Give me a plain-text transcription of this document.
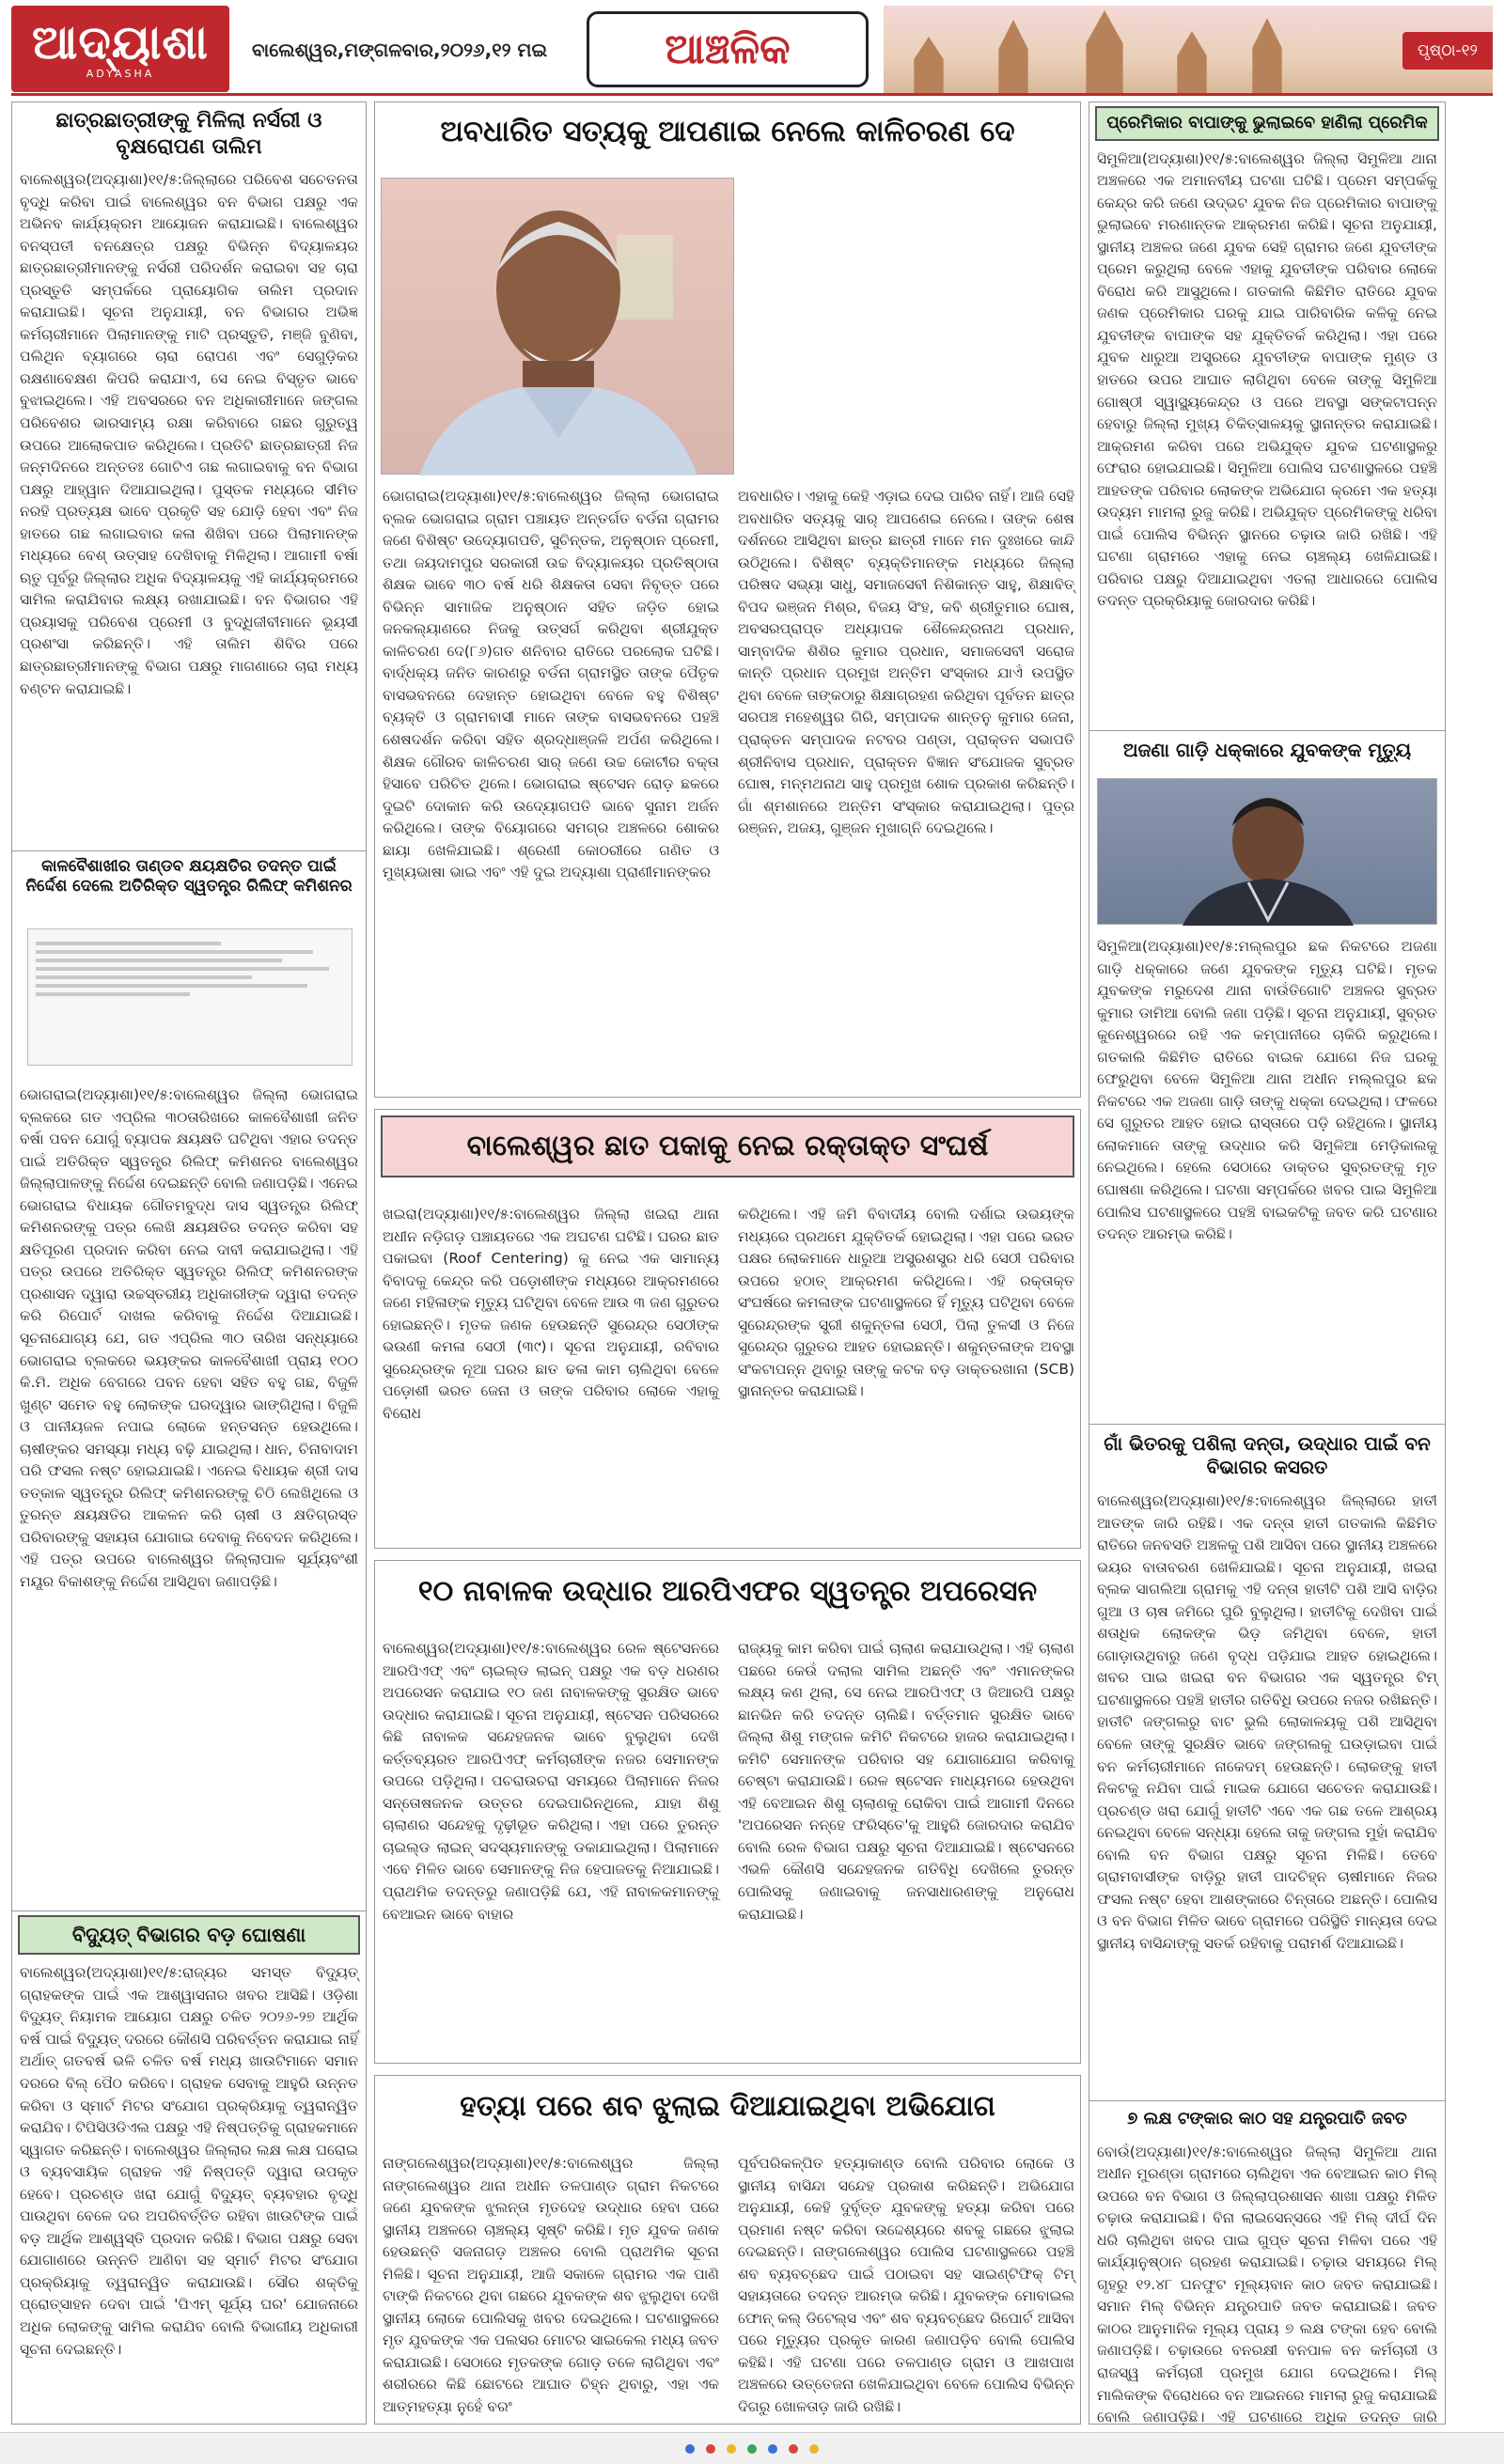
ଆଦ୍ୟାଶା
ADYASHA
ବାଲେଶ୍ୱର,ମଙ୍ଗଳବାର,୨୦୨୬,୧୨ ମଇ	ଆଞ୍ଚଳିକ	ପୃଷ୍ଠା-୧୨
ଛାତ୍ରଛାତ୍ରୀଙ୍କୁ ମିଳିଲା ନର୍ସରୀ ଓ ବୃକ୍ଷରୋପଣ ତାଲିମ
ବାଲେଶ୍ୱର(ଅଦ୍ୟାଶା)୧୧/୫:ଜିଲ୍ଲାରେ ପରିବେଶ ସଚେତନତା ବୃଦ୍ଧି କରିବା ପାଇଁ ବାଲେଶ୍ୱର ବନ ବିଭାଗ ପକ୍ଷରୁ ଏକ ଅଭିନବ କାର୍ଯ୍ୟକ୍ରମ ଆୟୋଜନ କରାଯାଇଛି। ବାଲେଶ୍ୱର ବନସ୍ପତୀ ବନକ୍ଷେତ୍ର ପକ୍ଷରୁ ବିଭିନ୍ନ ବିଦ୍ୟାଳୟର ଛାତ୍ରଛାତ୍ରୀମାନଙ୍କୁ ନର୍ସରୀ ପରିଦର୍ଶନ କରାଇବା ସହ ଚାରା ପ୍ରସ୍ତୁତି ସମ୍ପର୍କରେ ପ୍ରାୟୋଗିକ ତାଲିମ ପ୍ରଦାନ କରାଯାଇଛି। ସୂଚନା ଅନୁଯାୟୀ, ବନ ବିଭାଗର ଅଭିଜ୍ଞ କର୍ମଚାରୀମାନେ ପିଲାମାନଙ୍କୁ ମାଟି ପ୍ରସ୍ତୁତି, ମଞ୍ଜି ବୁଣିବା, ପଲିଥିନ ବ୍ୟାଗରେ ଚାରା ରୋପଣ ଏବଂ ସେଗୁଡ଼ିକର ରକ୍ଷଣାବେକ୍ଷଣ କିପରି କରାଯାଏ, ସେ ନେଇ ବିସ୍ତୃତ ଭାବେ ବୁଝାଇଥିଲେ। ଏହି ଅବସରରେ ବନ ଅଧିକାରୀମାନେ ଜଙ୍ଗଲ ପରିବେଶର ଭାରସାମ୍ୟ ରକ୍ଷା କରିବାରେ ଗଛର ଗୁରୁତ୍ୱ ଉପରେ ଆଲୋକପାତ କରିଥିଲେ। ପ୍ରତିଟି ଛାତ୍ରଛାତ୍ରୀ ନିଜ ଜନ୍ମଦିନରେ ଅନ୍ତତଃ ଗୋଟିଏ ଗଛ ଲଗାଇବାକୁ ବନ ବିଭାଗ ପକ୍ଷରୁ ଆହ୍ୱାନ ଦିଆଯାଇଥିଲା। ପୁସ୍ତକ ମଧ୍ୟରେ ସୀମିତ ନରହି ପ୍ରତ୍ୟକ୍ଷ ଭାବେ ପ୍ରକୃତି ସହ ଯୋଡ଼ି ହେବା ଏବଂ ନିଜ ହାତରେ ଗଛ ଲଗାଇବାର କଳା ଶିଖିବା ପରେ ପିଲାମାନଙ୍କ ମଧ୍ୟରେ ବେଶ୍ ଉତ୍ସାହ ଦେଖିବାକୁ ମିଳିଥିଲା। ଆଗାମୀ ବର୍ଷା ଋତୁ ପୂର୍ବରୁ ଜିଲ୍ଲାର ଅଧିକ ବିଦ୍ୟାଳୟକୁ ଏହି କାର୍ଯ୍ୟକ୍ରମରେ ସାମିଲ କରାଯିବାର ଲକ୍ଷ୍ୟ ରଖାଯାଇଛି। ବନ ବିଭାଗର ଏହି ପ୍ରୟାସକୁ ପରିବେଶ ପ୍ରେମୀ ଓ ବୁଦ୍ଧିଜୀବୀମାନେ ଭୂୟସୀ ପ୍ରଶଂସା କରିଛନ୍ତି। ଏହି ତାଲିମ ଶିବିର ପରେ ଛାତ୍ରଛାତ୍ରୀମାନଙ୍କୁ ବିଭାଗ ପକ୍ଷରୁ ମାଗଣାରେ ଚାରା ମଧ୍ୟ ବଣ୍ଟନ କରାଯାଇଛି।
କାଳବୈଶାଖୀର ତାଣ୍ଡବ କ୍ଷୟକ୍ଷତିର ତଦନ୍ତ ପାଇଁ ନିର୍ଦ୍ଦେଶ ଦେଲେ ଅତିରିକ୍ତ ସ୍ୱତନ୍ତ୍ର ରିଲିଫ୍ କମିଶନର
ଭୋଗରାଇ(ଅଦ୍ୟାଶା)୧୧/୫:ବାଲେଶ୍ୱର ଜିଲ୍ଲା ଭୋଗରାଇ ବ୍ଲକରେ ଗତ ଏପ୍ରିଲ ୩୦ତାରିଖରେ କାଳବୈଶାଖୀ ଜନିତ ବର୍ଷା ପବନ ଯୋଗୁଁ ବ୍ୟାପକ କ୍ଷୟକ୍ଷତି ଘଟିଥିବା ଏହାର ତଦନ୍ତ ପାଇଁ ଅତିରିକ୍ତ ସ୍ୱତନ୍ତ୍ର ରିଲିଫ୍ କମିଶନର ବାଲେଶ୍ୱର ଜିଲ୍ଲାପାଳଙ୍କୁ ନିର୍ଦ୍ଦେଶ ଦେଇଛନ୍ତି ବୋଲି ଜଣାପଡ଼ିଛି। ଏନେଇ ଭୋଗରାଇ ବିଧାୟକ ଗୌତମବୁଦ୍ଧ ଦାସ ସ୍ୱତନ୍ତ୍ର ରିଲିଫ୍ କମିଶନରଙ୍କୁ ପତ୍ର ଲେଖି କ୍ଷୟକ୍ଷତିର ତଦନ୍ତ କରିବା ସହ କ୍ଷତିପୂରଣ ପ୍ରଦାନ କରିବା ନେଇ ଦାବୀ କରାଯାଇଥିଲା। ଏହି ପତ୍ର ଉପରେ ଅତିରିକ୍ତ ସ୍ୱତନ୍ତ୍ର ରିଲିଫ୍ କମିଶନରଙ୍କ ପ୍ରଶାସନ ଦ୍ୱାରା ଉଚ୍ଚସ୍ତରୀୟ ଅଧିକାରୀଙ୍କ ଦ୍ୱାରା ତଦନ୍ତ କରି ରିପୋର୍ଟ ଦାଖଲ କରିବାକୁ ନିର୍ଦ୍ଦେଶ ଦିଆଯାଇଛି। ସୂଚନାଯୋଗ୍ୟ ଯେ, ଗତ ଏପ୍ରିଲ ୩୦ ତାରିଖ ସନ୍ଧ୍ୟାରେ ଭୋଗରାଇ ବ୍ଲକରେ ଭୟଙ୍କର କାଳବୈଶାଖୀ ପ୍ରାୟ ୧୦୦ କି.ମି. ଅଧିକ ବେଗରେ ପବନ ହେବା ସହିତ ବହୁ ଗଛ, ବିଜୁଳି ଖୁଣ୍ଟ ସମେତ ବହୁ ଲୋକଙ୍କ ଘରଦ୍ୱାର ଭାଙ୍ଗିଥିଲା। ବିଜୁଳି ଓ ପାନୀୟଜଳ ନପାଇ ଲୋକେ ହନ୍ତସନ୍ତ ହେଉଥିଲେ। ଚାଷୀଙ୍କର ସମସ୍ୟା ମଧ୍ୟ ବଢ଼ି ଯାଇଥିଲା। ଧାନ, ଚିନାବାଦାମ ପରି ଫସଲ ନଷ୍ଟ ହୋଇଯାଇଛି। ଏନେଇ ବିଧାୟକ ଶ୍ରୀ ଦାସ ତତ୍କାଳ ସ୍ୱତନ୍ତ୍ର ରିଲିଫ୍ କମିଶନରଙ୍କୁ ଚିଠି ଲେଖିଥିଲେ ଓ ତୁରନ୍ତ କ୍ଷୟକ୍ଷତିର ଆକଳନ କରି ଚାଷୀ ଓ କ୍ଷତିଗ୍ରସ୍ତ ପରିବାରଙ୍କୁ ସହାୟତା ଯୋଗାଇ ଦେବାକୁ ନିବେଦନ କରିଥିଲେ। ଏହି ପତ୍ର ଉପରେ ବାଲେଶ୍ୱର ଜିଲ୍ଲାପାଳ ସୂର୍ଯ୍ୟବଂଶୀ ମୟୂର ବିକାଶଙ୍କୁ ନିର୍ଦ୍ଦେଶ ଆସିଥିବା ଜଣାପଡ଼ିଛି।
ବିଦ୍ୟୁତ୍ ବିଭାଗର ବଡ଼ ଘୋଷଣା
ବାଲେଶ୍ୱର(ଅଦ୍ୟାଶା)୧୧/୫:ରାଜ୍ୟର ସମସ୍ତ ବିଦ୍ୟୁତ୍ ଗ୍ରାହକଙ୍କ ପାଇଁ ଏକ ଆଶ୍ୱାସନାର ଖବର ଆସିଛି। ଓଡ଼ିଶା ବିଦ୍ୟୁତ୍ ନିୟାମକ ଆୟୋଗ ପକ୍ଷରୁ ଚଳିତ ୨୦୨୬-୨୭ ଆର୍ଥିକ ବର୍ଷ ପାଇଁ ବିଦ୍ୟୁତ୍ ଦରରେ କୌଣସି ପରିବର୍ତ୍ତନ କରାଯାଇ ନାହିଁ ଅର୍ଥାତ୍ ଗତବର୍ଷ ଭଳି ଚଳିତ ବର୍ଷ ମଧ୍ୟ ଖାଉଟିମାନେ ସମାନ ଦରରେ ବିଲ୍ ପୈଠ କରିବେ। ଗ୍ରାହକ ସେବାକୁ ଆହୁରି ଉନ୍ନତ କରିବା ଓ ସ୍ମାର୍ଟ ମିଟର ସଂଯୋଗ ପ୍ରକ୍ରିୟାକୁ ତ୍ୱରାନ୍ୱିତ କରାଯିବ। ଟିପିସିଓଡିଏଲ ପକ୍ଷରୁ ଏହି ନିଷ୍ପତ୍ତିକୁ ଗ୍ରାହକମାନେ ସ୍ୱାଗତ କରିଛନ୍ତି। ବାଲେଶ୍ୱର ଜିଲ୍ଲାର ଲକ୍ଷ ଲକ୍ଷ ଘରୋଇ ଓ ବ୍ୟବସାୟିକ ଗ୍ରାହକ ଏହି ନିଷ୍ପତ୍ତି ଦ୍ୱାରା ଉପକୃତ ହେବେ। ପ୍ରଚଣ୍ଡ ଖରା ଯୋଗୁଁ ବିଦ୍ୟୁତ୍ ବ୍ୟବହାର ବୃଦ୍ଧି ପାଉଥିବା ବେଳେ ଦର ଅପରିବର୍ତ୍ତିତ ରହିବା ଖାଉଟିଙ୍କ ପାଇଁ ବଡ଼ ଆର୍ଥିକ ଆଶ୍ୱସ୍ତି ପ୍ରଦାନ କରିଛି। ବିଭାଗ ପକ୍ଷରୁ ସେବା ଯୋଗାଣରେ ଉନ୍ନତି ଆଣିବା ସହ ସ୍ମାର୍ଟ ମିଟର ସଂଯୋଗ ପ୍ରକ୍ରିୟାକୁ ତ୍ୱରାନ୍ୱିତ କରାଯାଉଛି। ସୌର ଶକ୍ତିକୁ ପ୍ରୋତ୍ସାହନ ଦେବା ପାଇଁ 'ପିଏମ୍ ସୂର୍ଯ୍ୟ ଘର' ଯୋଜନାରେ ଅଧିକ ଲୋକଙ୍କୁ ସାମିଲ କରାଯିବ ବୋଲି ବିଭାଗୀୟ ଅଧିକାରୀ ସୂଚନା ଦେଇଛନ୍ତି।
ଅବଧାରିତ ସତ୍ୟକୁ ଆପଣାଇ ନେଲେ କାଳିଚରଣ ଦେ
ଭୋଗରାଇ(ଅଦ୍ୟାଶା)୧୧/୫:ବାଲେଶ୍ୱର ଜିଲ୍ଲା ଭୋଗରାଇ ବ୍ଲକ ଭୋଗରାଇ ଗ୍ରାମ ପଞ୍ଚାୟତ ଅନ୍ତର୍ଗତ ବର୍ଡନା ଗ୍ରାମର ଜଣେ ବିଶିଷ୍ଟ ଉଦ୍ୟୋଗପତି, ସୁଚିନ୍ତକ, ଅନୁଷ୍ଠାନ ପ୍ରେମୀ, ତଥା ଜୟଦାମପୁର ସରକାରୀ ଉଚ୍ଚ ବିଦ୍ୟାଳୟର ପ୍ରତିଷ୍ଠାତା ଶିକ୍ଷକ ଭାବେ ୩୦ ବର୍ଷ ଧରି ଶିକ୍ଷକତା ସେବା ନିବୃତ୍ତ ପରେ ବିଭିନ୍ନ ସାମାଜିକ ଅନୁଷ୍ଠାନ ସହିତ ଜଡ଼ିତ ହୋଇ ଜନକଲ୍ୟାଣରେ ନିଜକୁ ଉତ୍ସର୍ଗ କରିଥିବା ଶ୍ରୀଯୁକ୍ତ କାଳିଚରଣ ଦେ(୮୬)ଗତ ଶନିବାର ରାତିରେ ପରଲୋକ ଘଟିଛି। ବାର୍ଦ୍ଧକ୍ୟ ଜନିତ କାରଣରୁ ବର୍ଡନା ଗ୍ରାମସ୍ଥିତ ତାଙ୍କ ପୈତୃକ ବାସଭବନରେ ଦେହାନ୍ତ ହୋଇଥିବା ବେଳେ ବହୁ ବିଶିଷ୍ଟ ବ୍ୟକ୍ତି ଓ ଗ୍ରାମବାସୀ ମାନେ ତାଙ୍କ ବାସଭବନରେ ପହଞ୍ଚି ଶେଷଦର୍ଶନ କରିବା ସହିତ ଶ୍ରଦ୍ଧାଞ୍ଜଳି ଅର୍ପଣ କରିଥିଲେ। ଶିକ୍ଷକ ଗୌରବ କାଳିଚରଣ ସାର୍ ଜଣେ ଉଚ୍ଚ କୋଟୀର ବକ୍ତା ହିସାବେ ପରିଚିତ ଥିଲେ। ଭୋଗରାଇ ଷ୍ଟେସନ ରୋଡ଼ ଛକରେ ଦୁଇଟି ଦୋକାନ କରି ଉଦ୍ୟୋଗପତି ଭାବେ ସୁନାମ ଅର୍ଜନ କରିଥିଲେ। ତାଙ୍କ ବିୟୋଗରେ ସମଗ୍ର ଅଞ୍ଚଳରେ ଶୋକର ଛାୟା ଖେଳିଯାଇଛି। ଶ୍ରେଣୀ କୋଠରୀରେ ଗଣିତ ଓ ମୁଖ୍ୟଭାଷା ଭାଇ ଏବଂ ଏହି ଦୁଇ ଅଦ୍ୟାଶା ପ୍ରାଣୀମାନଙ୍କର
ଅବଧାରିତ। ଏହାକୁ କେହି ଏଡ଼ାଇ ଦେଇ ପାରିବ ନାହିଁ। ଆଜି ସେହି ଅବଧାରିତ ସତ୍ୟକୁ ସାର୍ ଆପଣେଇ ନେଲେ। ତାଙ୍କ ଶେଷ ଦର୍ଶନରେ ଆସିଥିବା ଛାତ୍ର ଛାତ୍ରୀ ମାନେ ମନ ଦୁଃଖରେ କାନ୍ଦି ଉଠିଥିଲେ। ବିଶିଷ୍ଟ ବ୍ୟକ୍ତିମାନଙ୍କ ମଧ୍ୟରେ ଜିଲ୍ଲା ପରିଷଦ ସଭ୍ୟା ସାଧୁ, ସମାଜସେବୀ ନିଶିକାନ୍ତ ସାହୁ, ଶିକ୍ଷାବିତ୍ ବିପଦ ଭଞ୍ଜନ ମିଶ୍ର, ବିଜୟ ସିଂହ, କବି ଶ୍ରୀତୁମାର ଘୋଷ, ଅବସରପ୍ରାପ୍ତ ଅଧ୍ୟାପକ ଶୈଳେନ୍ଦ୍ରନାଥ ପ୍ରଧାନ, ସାମ୍ବାଦିକ ଶିଶିର କୁମାର ପ୍ରଧାନ, ସମାଜସେବୀ ସରୋଜ କାନ୍ତି ପ୍ରଧାନ ପ୍ରମୁଖ ଅନ୍ତିମ ସଂସ୍କାର ଯାଏଁ ଉପସ୍ଥିତ ଥିବା ବେଳେ ତାଙ୍କଠାରୁ ଶିକ୍ଷାଗ୍ରହଣ କରିଥିବା ପୂର୍ବତନ ଛାତ୍ର ସରପଞ୍ଚ ମହେଶ୍ୱର ଗିରି, ସମ୍ପାଦକ ଶାନ୍ତନୁ କୁମାର ଜେନା, ପ୍ରାକ୍ତନ ସମ୍ପାଦକ ନଟବର ପଣ୍ଡା, ପ୍ରାକ୍ତନ ସଭାପତି ଶ୍ରୀନିବାସ ପ୍ରଧାନ, ପ୍ରାକ୍ତନ ବିଜ୍ଞାନ ସଂଯୋଜକ ସୁବ୍ରତ ଘୋଷ, ମନ୍ମଥନାଥ ସାହୁ ପ୍ରମୁଖ ଶୋକ ପ୍ରକାଶ କରିଛନ୍ତି। ଗାଁ ଶ୍ମଶାନରେ ଅନ୍ତିମ ସଂସ୍କାର କରାଯାଇଥିଲା। ପୁତ୍ର ରଞ୍ଜନ, ଅଜୟ, ଗୁଞ୍ଜନ ମୁଖାଗ୍ନି ଦେଇଥିଲେ।
ବାଲେଶ୍ୱର ଛାତ ପକାକୁ ନେଇ ରକ୍ତାକ୍ତ ସଂଘର୍ଷ
ଖଇରା(ଅଦ୍ୟାଶା)୧୧/୫:ବାଲେଶ୍ୱର ଜିଲ୍ଲା ଖଇରା ଥାନା ଅଧୀନ ନଡ଼ିଗଡ଼ ପଞ୍ଚାୟତରେ ଏକ ଅଘଟଣ ଘଟିଛି। ଘରର ଛାତ ପକାଇବା (Roof Centering) କୁ ନେଇ ଏକ ସାମାନ୍ୟ ବିବାଦକୁ କେନ୍ଦ୍ର କରି ପଡ଼ୋଶୀଙ୍କ ମଧ୍ୟରେ ଆକ୍ରମଣରେ ଜଣେ ମହିଳାଙ୍କ ମୃତ୍ୟୁ ଘଟିଥିବା ବେଳେ ଆଉ ୩ ଜଣ ଗୁରୁତର ହୋଇଛନ୍ତି। ମୃତକ ଜଣକ ହେଉଛନ୍ତି ସୁରେନ୍ଦ୍ର ସେଠୀଙ୍କ ଭଉଣୀ କମଳା ସେଠୀ (୩୯)। ସୂଚନା ଅନୁଯାୟୀ, ରବିବାର ସୁରେନ୍ଦ୍ରଙ୍କ ନୂଆ ଘରର ଛାତ ଢଳା କାମ ଚାଲିଥିବା ବେଳେ ପଡ଼ୋଶୀ ଭରତ ଜେନା ଓ ତାଙ୍କ ପରିବାର ଲୋକେ ଏହାକୁ ବିରୋଧ
କରିଥିଲେ। ଏହି ଜମି ବିବାଦୀୟ ବୋଲି ଦର୍ଶାଇ ଉଭୟଙ୍କ ମଧ୍ୟରେ ପ୍ରଥମେ ଯୁକ୍ତିତର୍କ ହୋଇଥିଲା। ଏହା ପରେ ଭରତ ପକ୍ଷର ଲୋକମାନେ ଧାରୁଆ ଅସ୍ତ୍ରଶସ୍ତ୍ର ଧରି ସେଠୀ ପରିବାର ଉପରେ ହଠାତ୍ ଆକ୍ରମଣ କରିଥିଲେ। ଏହି ରକ୍ତାକ୍ତ ସଂଘର୍ଷରେ କମଳାଙ୍କ ଘଟଣାସ୍ଥଳରେ ହିଁ ମୃତ୍ୟୁ ଘଟିଥିବା ବେଳେ ସୁରେନ୍ଦ୍ରଙ୍କ ସ୍ତ୍ରୀ ଶକୁନ୍ତଳା ସେଠୀ, ପିଲା ତୁଳସୀ ଓ ନିଜେ ସୁରେନ୍ଦ୍ର ଗୁରୁତର ଆହତ ହୋଇଛନ୍ତି। ଶକୁନ୍ତଳାଙ୍କ ଅବସ୍ଥା ସଂକଟାପନ୍ନ ଥିବାରୁ ତାଙ୍କୁ କଟକ ବଡ଼ ଡାକ୍ତରଖାନା (SCB) ସ୍ଥାନାନ୍ତର କରାଯାଇଛି।
୧୦ ନାବାଳକ ଉଦ୍ଧାର ଆରପିଏଫର ସ୍ୱତନ୍ତ୍ର ଅପରେସନ
ବାଲେଶ୍ୱର(ଅଦ୍ୟାଶା)୧୧/୫:ବାଲେଶ୍ୱର ରେଳ ଷ୍ଟେସନରେ ଆରପିଏଫ୍ ଏବଂ ଚାଇଲ୍ଡ ଲାଇନ୍ ପକ୍ଷରୁ ଏକ ବଡ଼ ଧରଣର ଅପରେସନ କରାଯାଇ ୧୦ ଜଣ ନାବାଳକଙ୍କୁ ସୁରକ୍ଷିତ ଭାବେ ଉଦ୍ଧାର କରାଯାଇଛି। ସୂଚନା ଅନୁଯାୟୀ, ଷ୍ଟେସନ ପରିସରରେ କିଛି ନାବାଳକ ସନ୍ଦେହଜନକ ଭାବେ ବୁଲୁଥିବା ଦେଖି କର୍ତ୍ତବ୍ୟରତ ଆରପିଏଫ୍ କର୍ମଚାରୀଙ୍କ ନଜର ସେମାନଙ୍କ ଉପରେ ପଡ଼ିଥିଲା। ପଚରାଉଚରା ସମୟରେ ପିଲାମାନେ ନିଜର ସନ୍ତୋଷଜନକ ଉତ୍ତର ଦେଇପାରିନଥିଲେ, ଯାହା ଶିଶୁ ଚାଲାଣର ସନ୍ଦେହକୁ ଦୃଢ଼ୀଭୂତ କରିଥିଲା। ଏହା ପରେ ତୁରନ୍ତ ଚାଇଲ୍ଡ ଲାଇନ୍ ସଦସ୍ୟମାନଙ୍କୁ ଡକାଯାଇଥିଲା। ପିଲାମାନେ ଏବେ ମିଳିତ ଭାବେ ସେମାନଙ୍କୁ ନିଜ ହେପାଜତକୁ ନିଆଯାଇଛି। ପ୍ରାଥମିକ ତଦନ୍ତରୁ ଜଣାପଡ଼ିଛି ଯେ, ଏହି ନାବାଳକମାନଙ୍କୁ ବେଆଇନ ଭାବେ ବାହାର
ରାଜ୍ୟକୁ କାମ କରିବା ପାଇଁ ଚାଲାଣ କରାଯାଉଥିଲା। ଏହି ଚାଲାଣ ପଛରେ କେଉଁ ଦଲାଲ ସାମିଲ ଅଛନ୍ତି ଏବଂ ଏମାନଙ୍କର ଲକ୍ଷ୍ୟ କଣ ଥିଲା, ସେ ନେଇ ଆରପିଏଫ୍ ଓ ଜିଆରପି ପକ୍ଷରୁ ଛାନଭିନ କରି ତଦନ୍ତ ଚାଲିଛି। ବର୍ତ୍ତମାନ ସୁରକ୍ଷିତ ଭାବେ ଜିଲ୍ଲା ଶିଶୁ ମଙ୍ଗଳ କମିଟି ନିକଟରେ ହାଜର କରାଯାଇଥିଲା। କମିଟି ସେମାନଙ୍କ ପରିବାର ସହ ଯୋଗାଯୋଗ କରିବାକୁ ଚେଷ୍ଟା କରାଯାଉଛି। ରେଳ ଷ୍ଟେସନ ମାଧ୍ୟମରେ ହେଉଥିବା ଏହି ବେଆଇନ ଶିଶୁ ଚାଲାଣକୁ ରୋକିବା ପାଇଁ ଆଗାମୀ ଦିନରେ 'ଅପରେସନ ନନ୍ହେ ଫରିସ୍ତେ'କୁ ଆହୁରି ଜୋରଦାର କରାଯିବ ବୋଲି ରେଳ ବିଭାଗ ପକ୍ଷରୁ ସୂଚନା ଦିଆଯାଇଛି। ଷ୍ଟେସନରେ ଏଭଳି କୌଣସି ସନ୍ଦେହଜନକ ଗତିବିଧି ଦେଖିଲେ ତୁରନ୍ତ ପୋଲିସକୁ ଜଣାଇବାକୁ ଜନସାଧାରଣଙ୍କୁ ଅନୁରୋଧ କରାଯାଇଛି।
ହତ୍ୟା ପରେ ଶବ ଝୁଲାଇ ଦିଆଯାଇଥିବା ଅଭିଯୋଗ
ନାଙ୍ଗଲେଶ୍ୱର(ଅଦ୍ୟାଶା)୧୧/୫:ବାଲେଶ୍ୱର ଜିଲ୍ଲା ନାଙ୍ଗଲେଶ୍ୱର ଥାନା ଅଧୀନ ତଳପାଣ୍ଡ ଗ୍ରାମ ନିକଟରେ ଜଣେ ଯୁବକଙ୍କ ଝୁଲନ୍ତା ମୃତଦେହ ଉଦ୍ଧାର ହେବା ପରେ ସ୍ଥାନୀୟ ଅଞ୍ଚଳରେ ଚାଞ୍ଚଲ୍ୟ ସୃଷ୍ଟି କରିଛି। ମୃତ ଯୁବକ ଜଣକ ହେଉଛନ୍ତି ସଜନାଗଡ଼ ଅଞ୍ଚଳର ବୋଲି ପ୍ରାଥମିକ ସୂଚନା ମିଳିଛି। ସୂଚନା ଅନୁଯାୟୀ, ଆଜି ସକାଳେ ଗ୍ରାମର ଏକ ପାଣି ଟାଙ୍କି ନିକଟରେ ଥିବା ଗଛରେ ଯୁବକଙ୍କ ଶବ ଝୁଲୁଥିବା ଦେଖି ସ୍ଥାନୀୟ ଲୋକେ ପୋଲିସକୁ ଖବର ଦେଇଥିଲେ। ଘଟଣାସ୍ଥଳରେ ମୃତ ଯୁବକଙ୍କ ଏକ ପଲସର ମୋଟର ସାଇକେଲ ମଧ୍ୟ ଜବତ କରାଯାଇଛି। ସେଠାରେ ମୃତକଙ୍କ ଗୋଡ଼ ତଳେ ଲାଗିଥିବା ଏବଂ ଶରୀରରେ କିଛି ଛୋଟରେ ଆଘାତ ଚିହ୍ନ ଥିବାରୁ, ଏହା ଏକ ଆତ୍ମହତ୍ୟା ନୁହେଁ ବରଂ
ପୂର୍ବପରିକଳ୍ପିତ ହତ୍ୟାକାଣ୍ଡ ବୋଲି ପରିବାର ଲୋକେ ଓ ସ୍ଥାନୀୟ ବାସିନ୍ଦା ସନ୍ଦେହ ପ୍ରକାଶ କରିଛନ୍ତି। ଅଭିଯୋଗ ଅନୁଯାୟୀ, କେହି ଦୁର୍ବୃତ୍ତ ଯୁବକଙ୍କୁ ହତ୍ୟା କରିବା ପରେ ପ୍ରମାଣ ନଷ୍ଟ କରିବା ଉଦ୍ଦେଶ୍ୟରେ ଶବକୁ ଗଛରେ ଝୁଲାଇ ଦେଇଛନ୍ତି। ନାଙ୍ଗଲେଶ୍ୱର ପୋଲିସ ଘଟଣାସ୍ଥଳରେ ପହଞ୍ଚି ଶବ ବ୍ୟବଚ୍ଛେଦ ପାଇଁ ପଠାଇବା ସହ ସାଇଣ୍ଟିଫିକ୍ ଟିମ୍ ସହାୟତାରେ ତଦନ୍ତ ଆରମ୍ଭ କରିଛି। ଯୁବକଙ୍କ ମୋବାଇଲ ଫୋନ୍ କଲ୍ ଡିଟେଲ୍ସ ଏବଂ ଶବ ବ୍ୟବଚ୍ଛେଦ ରିପୋର୍ଟ ଆସିବା ପରେ ମୃତ୍ୟୁର ପ୍ରକୃତ କାରଣ ଜଣାପଡ଼ିବ ବୋଲି ପୋଲିସ କହିଛି। ଏହି ଘଟଣା ପରେ ତଳପାଣ୍ଡ ଗ୍ରାମ ଓ ଆଖପାଖ ଅଞ୍ଚଳରେ ଉତ୍ତେଜନା ଖେଳିଯାଇଥିବା ବେଳେ ପୋଲିସ ବିଭିନ୍ନ ଦିଗରୁ ଖୋଳତାଡ଼ ଜାରି ରଖିଛି।
ପ୍ରେମିକାର ବାପାଙ୍କୁ ଭୁଲାଇବେ ହାଣିଲା ପ୍ରେମିକ
ସିମୁଳିଆ(ଅଦ୍ୟାଶା)୧୧/୫:ବାଲେଶ୍ୱର ଜିଲ୍ଲା ସିମୁଳିଆ ଥାନା ଅଞ୍ଚଳରେ ଏକ ଅମାନବୀୟ ଘଟଣା ଘଟିଛି। ପ୍ରେମ ସମ୍ପର୍କକୁ କେନ୍ଦ୍ର କରି ଜଣେ ଉଦ୍ଭଟ ଯୁବକ ନିଜ ପ୍ରେମିକାର ବାପାଙ୍କୁ ଭୁଲାଇବେ ମରଣାନ୍ତକ ଆକ୍ରମଣ କରିଛି। ସୂଚନା ଅନୁଯାୟୀ, ସ୍ଥାନୀୟ ଅଞ୍ଚଳର ଜଣେ ଯୁବକ ସେହି ଗ୍ରାମର ଜଣେ ଯୁବତୀଙ୍କ ପ୍ରେମ କରୁଥିଲା ବେଳେ ଏହାକୁ ଯୁବତୀଙ୍କ ପରିବାର ଲୋକେ ବିରୋଧ କରି ଆସୁଥିଲେ। ଗତକାଲି କିଛିମିତ ରାତିରେ ଯୁବକ ଜଣକ ପ୍ରେମିକାର ଘରକୁ ଯାଇ ପାରିବାରିକ କଳିକୁ ନେଇ ଯୁବତୀଙ୍କ ବାପାଙ୍କ ସହ ଯୁକ୍ତିତର୍କ କରିଥିଲା। ଏହା ପରେ ଯୁବକ ଧାରୁଆ ଅସ୍ତ୍ରରେ ଯୁବତୀଙ୍କ ବାପାଙ୍କ ମୁଣ୍ଡ ଓ ହାତରେ ଉପର ଆଘାତ ଲାଗିଥିବା ବେଳେ ତାଙ୍କୁ ସିମୁଳିଆ ଗୋଷ୍ଠୀ ସ୍ୱାସ୍ଥ୍ୟକେନ୍ଦ୍ର ଓ ପରେ ଅବସ୍ଥା ସଙ୍କଟାପନ୍ନ ହେବାରୁ ଜିଲ୍ଲା ମୁଖ୍ୟ ଚିକିତ୍ସାଳୟକୁ ସ୍ଥାନାନ୍ତର କରାଯାଇଛି। ଆକ୍ରମଣ କରିବା ପରେ ଅଭିଯୁକ୍ତ ଯୁବକ ଘଟଣାସ୍ଥଳରୁ ଫେରାର ହୋଇଯାଇଛି। ସିମୁଳିଆ ପୋଲିସ ଘଟଣାସ୍ଥଳରେ ପହଞ୍ଚି ଆହତଙ୍କ ପରିବାର ଲୋକଙ୍କ ଅଭିଯୋଗ କ୍ରମେ ଏକ ହତ୍ୟା ଉଦ୍ୟମ ମାମଲା ରୁଜୁ କରିଛି। ଅଭିଯୁକ୍ତ ପ୍ରେମିକଙ୍କୁ ଧରିବା ପାଇଁ ପୋଲିସ ବିଭିନ୍ନ ସ୍ଥାନରେ ଚଢ଼ାଉ ଜାରି ରଖିଛି। ଏହି ଘଟଣା ଗ୍ରାମରେ ଏହାକୁ ନେଇ ଚାଞ୍ଚଲ୍ୟ ଖେଳିଯାଇଛି। ପରିବାର ପକ୍ଷରୁ ଦିଆଯାଇଥିବା ଏତଲା ଆଧାରରେ ପୋଲିସ ତଦନ୍ତ ପ୍ରକ୍ରିୟାକୁ ଜୋରଦାର କରିଛି।
ଅଜଣା ଗାଡ଼ି ଧକ୍କାରେ ଯୁବକଙ୍କ ମୃତ୍ୟୁ
ସିମୁଳିଆ(ଅଦ୍ୟାଶା)୧୧/୫:ମଲ୍ଲପୁର ଛକ ନିକଟରେ ଅଜଣା ଗାଡ଼ି ଧକ୍କାରେ ଜଣେ ଯୁବକଙ୍କ ମୃତ୍ୟୁ ଘଟିଛି। ମୃତକ ଯୁବକଙ୍କ ମରୁଦେଶ ଥାନା ବାଉଁତିଗୋଟି ଅଞ୍ଚଳର ସୁବ୍ରତ କୁମାର ଡାମିଆ ବୋଲି ଜଣା ପଡ଼ିଛି। ସୂଚନା ଅନୁଯାୟୀ, ସୁବ୍ରତ କୁନେଶ୍ୱରରେ ରହି ଏକ କମ୍ପାନୀରେ ଚାକିରି କରୁଥିଲେ। ଗତକାଲି କିଛିମିତ ରାତିରେ ବାଇକ ଯୋଗେ ନିଜ ଘରକୁ ଫେରୁଥିବା ବେଳେ ସିମୁଳିଆ ଥାନା ଅଧୀନ ମଲ୍ଲପୁର ଛକ ନିକଟରେ ଏକ ଅଜଣା ଗାଡ଼ି ତାଙ୍କୁ ଧକ୍କା ଦେଇଥିଲା। ଫଳରେ ସେ ଗୁରୁତର ଆହତ ହୋଇ ରାସ୍ତାରେ ପଡ଼ି ରହିଥିଲେ। ସ୍ଥାନୀୟ ଲୋକମାନେ ତାଙ୍କୁ ଉଦ୍ଧାର କରି ସିମୁଳିଆ ମେଡ଼ିକାଲକୁ ନେଇଥିଲେ। ହେଲେ ସେଠାରେ ଡାକ୍ତର ସୁବ୍ରତଙ୍କୁ ମୃତ ଘୋଷଣା କରିଥିଲେ। ଘଟଣା ସମ୍ପର୍କରେ ଖବର ପାଇ ସିମୁଳିଆ ପୋଲିସ ଘଟଣାସ୍ଥଳରେ ପହଞ୍ଚି ବାଇକଟିକୁ ଜବତ କରି ଘଟଣାର ତଦନ୍ତ ଆରମ୍ଭ କରିଛି।
ଗାଁ ଭିତରକୁ ପଶିଲା ଦନ୍ତା, ଉଦ୍ଧାର ପାଇଁ ବନ ବିଭାଗର କସରତ
ବାଲେଶ୍ୱର(ଅଦ୍ୟାଶା)୧୧/୫:ବାଲେଶ୍ୱର ଜିଲ୍ଲାରେ ହାତୀ ଆତଙ୍କ ଜାରି ରହିଛି। ଏକ ଦନ୍ତା ହାତୀ ଗତକାଲି କିଛିମିତ ରାତିରେ ଜନବସତି ଅଞ୍ଚଳକୁ ପଶି ଆସିବା ପରେ ସ୍ଥାନୀୟ ଅଞ୍ଚଳରେ ଭୟର ବାତାବରଣ ଖେଳିଯାଇଛି। ସୂଚନା ଅନୁଯାୟୀ, ଖଇରା ବ୍ଲକ ସାଗଲିଆ ଗ୍ରାମକୁ ଏହି ଦନ୍ତା ହାତୀଟି ପଶି ଆସି ବାଡ଼ିର ଗୁଆ ଓ ଚାଷ ଜମିରେ ଘୁରି ବୁଲୁଥିଲା। ହାତୀଟିକୁ ଦେଖିବା ପାଇଁ ଶତାଧିକ ଲୋକଙ୍କ ଭିଡ଼ ଜମିଥିବା ବେଳେ, ହାତୀ ଗୋଡ଼ାଉଥିବାରୁ ଜଣେ ବୃଦ୍ଧ ପଡ଼ିଯାଇ ଆହତ ହୋଇଥିଲେ। ଖବର ପାଇ ଖଇରା ବନ ବିଭାଗର ଏକ ସ୍ୱତନ୍ତ୍ର ଟିମ୍ ଘଟଣାସ୍ଥଳରେ ପହଞ୍ଚି ହାତୀର ଗତିବିଧି ଉପରେ ନଜର ରଖିଛନ୍ତି। ହାତୀଟି ଜଙ୍ଗଲରୁ ବାଟ ଭୁଲି ଲୋକାଳୟକୁ ପଶି ଆସିଥିବା ବେଳେ ତାଙ୍କୁ ସୁରକ୍ଷିତ ଭାବେ ଜଙ୍ଗଲକୁ ଘଉଡ଼ାଇବା ପାଇଁ ବନ କର୍ମଚାରୀମାନେ ନାକେଦମ୍ ହେଉଛନ୍ତି। ଲୋକଙ୍କୁ ହାତୀ ନିକଟକୁ ନଯିବା ପାଇଁ ମାଇକ ଯୋଗେ ସଚେତନ କରାଯାଉଛି। ପ୍ରଚଣ୍ଡ ଖରା ଯୋଗୁଁ ହାତୀଟି ଏବେ ଏକ ଗଛ ତଳେ ଆଶ୍ରୟ ନେଇଥିବା ବେଳେ ସନ୍ଧ୍ୟା ହେଲେ ତାକୁ ଜଙ୍ଗଲ ମୁହାଁ କରାଯିବ ବୋଲି ବନ ବିଭାଗ ପକ୍ଷରୁ ସୂଚନା ମିଳିଛି। ତେବେ ଗ୍ରାମବାସୀଙ୍କ ବାଡ଼ିରୁ ହାତୀ ପାଦଚିହ୍ନ ଚାଷୀମାନେ ନିଜର ଫସଲ ନଷ୍ଟ ହେବା ଆଶଙ୍କାରେ ଚିନ୍ତାରେ ଅଛନ୍ତି। ପୋଲିସ ଓ ବନ ବିଭାଗ ମିଳିତ ଭାବେ ଗ୍ରାମରେ ପରିସ୍ଥିତି ମାନ୍ୟତା ଦେଇ ସ୍ଥାନୀୟ ବାସିନ୍ଦାଙ୍କୁ ସତର୍କ ରହିବାକୁ ପରାମର୍ଶ ଦିଆଯାଇଛି।
୭ ଲକ୍ଷ ଟଙ୍କାର କାଠ ସହ ଯନ୍ତ୍ରପାତି ଜବତ
ବୋଉଁ(ଅଦ୍ୟାଶା)୧୧/୫:ବାଲେଶ୍ୱର ଜିଲ୍ଲା ସିମୁଳିଆ ଥାନା ଅଧୀନ ମୁରଣ୍ଡା ଗ୍ରାମରେ ଚାଲିଥିବା ଏକ ବେଆଇନ କାଠ ମିଲ୍ ଉପରେ ବନ ବିଭାଗ ଓ ଜିଲ୍ଲାପ୍ରଶାସନ ଶାଖା ପକ୍ଷରୁ ମିଳିତ ଚଢ଼ାଉ କରାଯାଇଛି। ବିନା ଲାଇସେନ୍ସରେ ଏହି ମିଲ୍ ଦୀର୍ଘ ଦିନ ଧରି ଚାଲିଥିବା ଖବର ପାଇ ଗୁପ୍ତ ସୂଚନା ମିଳିବା ପରେ ଏହି କାର୍ଯ୍ୟାନୁଷ୍ଠାନ ଗ୍ରହଣ କରାଯାଇଛି। ଚଢ଼ାଉ ସମୟରେ ମିଲ୍ ଗୃହରୁ ୧୨.୪୮ ଘନଫୁଟ ମୂଲ୍ୟବାନ କାଠ ଜବତ କରାଯାଇଛି। ସମାନ ମିଲ୍ ବିଭିନ୍ନ ଯନ୍ତ୍ରପାତି ଜବତ କରାଯାଇଛି। ଜବତ କାଠର ଆନୁମାନିକ ମୂଲ୍ୟ ପ୍ରାୟ ୭ ଲକ୍ଷ ଟଙ୍କା ହେବ ବୋଲି ଜଣାପଡ଼ିଛି। ଚଢ଼ାଉରେ ବନରକ୍ଷୀ ବନପାଳ ବନ କର୍ମଚାରୀ ଓ ରାଜସ୍ୱ କର୍ମଚାରୀ ପ୍ରମୁଖ ଯୋଗ ଦେଇଥିଲେ। ମିଲ୍ ମାଲିକଙ୍କ ବିରୋଧରେ ବନ ଆଇନରେ ମାମଲା ରୁଜୁ କରାଯାଇଛି ବୋଲି ଜଣାପଡ଼ିଛି। ଏହି ଘଟଣାରେ ଅଧିକ ତଦନ୍ତ ଜାରି
